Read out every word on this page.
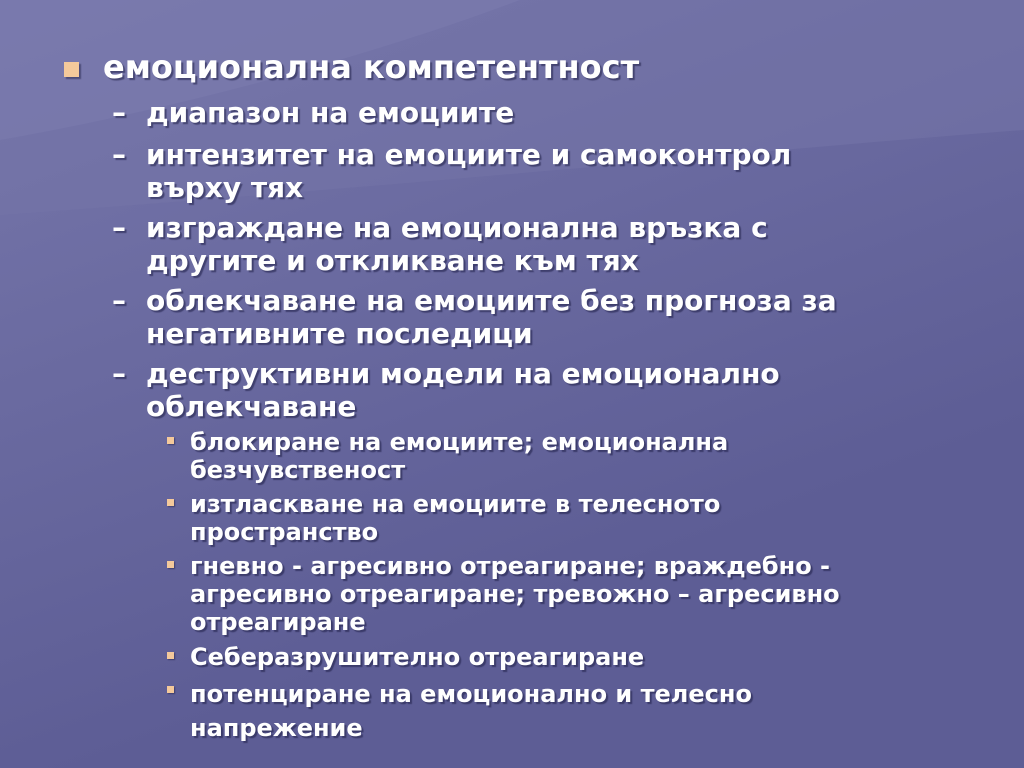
емоционална компетентност
– диапазон на емоциите
– интензитет на емоциите и самоконтрол върху тях
– изграждане на емоционална връзка с другите и откликване към тях
– облекчаване на емоциите без прогноза за негативните последици
– деструктивни модели на емоционално облекчаване
блокиране на емоциите; емоционална безчувственост
изтласкване на емоциите в телесното пространство
гневно - агресивно отреагиране; враждебно - агресивно отреагиране; тревожно – агресивно отреагиране
Себеразрушително отреагиране
потенциране на емоционално и телесно напрежение
